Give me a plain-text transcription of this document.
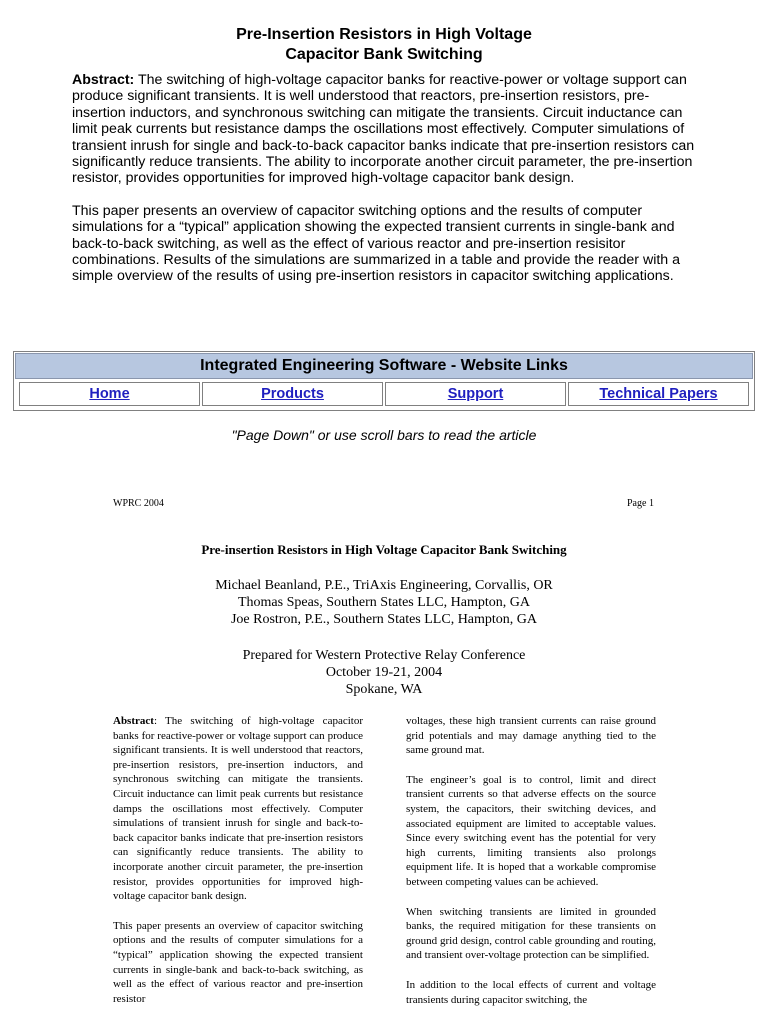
Pre-Insertion Resistors in High Voltage
Capacitor Bank Switching

Abstract: The switching of high-voltage capacitor banks for reactive-power or voltage support can produce significant transients. It is well understood that reactors, pre-insertion resistors, pre-insertion inductors, and synchronous switching can mitigate the transients. Circuit inductance can limit peak currents but resistance damps the oscillations most effectively. Computer simulations of transient inrush for single and back-to-back capacitor banks indicate that pre-insertion resistors can significantly reduce transients. The ability to incorporate another circuit parameter, the pre-insertion resistor, provides opportunities for improved high-voltage capacitor bank design.

This paper presents an overview of capacitor switching options and the results of computer simulations for a “typical” application showing the expected transient currents in single-bank and back-to-back switching, as well as the effect of various reactor and pre-insertion resisitor combinations. Results of the simulations are summarized in a table and provide the reader with a simple overview of the results of using pre-insertion resistors in capacitor switching applications.

Integrated Engineering Software - Website Links
Home	Products	Support	Technical Papers
"Page Down" or use scroll bars to read the article
WPRC 2004	Page 1
Pre-insertion Resistors in High Voltage Capacitor Bank Switching
Michael Beanland, P.E., TriAxis Engineering, Corvallis, OR
Thomas Speas, Southern States LLC, Hampton, GA
Joe Rostron, P.E., Southern States LLC, Hampton, GA
Prepared for Western Protective Relay Conference
October 19-21, 2004
Spokane, WA

Abstract: The switching of high-voltage capacitor banks for reactive-power or voltage support can produce significant transients. It is well understood that reactors, pre-insertion resistors, pre-insertion inductors, and synchronous switching can mitigate the transients. Circuit inductance can limit peak currents but resistance damps the oscillations most effectively. Computer simulations of transient inrush for single and back-to-back capacitor banks indicate that pre-insertion resistors can significantly reduce transients. The ability to incorporate another circuit parameter, the pre-insertion resistor, provides opportunities for improved high-voltage capacitor bank design.

This paper presents an overview of capacitor switching options and the results of computer simulations for a “typical” application showing the expected transient currents in single-bank and back-to-back switching, as well as the effect of various reactor and pre-insertion resistor

voltages, these high transient currents can raise ground grid potentials and may damage anything tied to the same ground mat.

The engineer’s goal is to control, limit and direct transient currents so that adverse effects on the source system, the capacitors, their switching devices, and associated equipment are limited to acceptable values. Since every switching event has the potential for very high currents, limiting transients also prolongs equipment life. It is hoped that a workable compromise between competing values can be achieved.

When switching transients are limited in grounded banks, the required mitigation for these transients on ground grid design, control cable grounding and routing, and transient over-voltage protection can be simplified.

In addition to the local effects of current and voltage transients during capacitor switching, the
